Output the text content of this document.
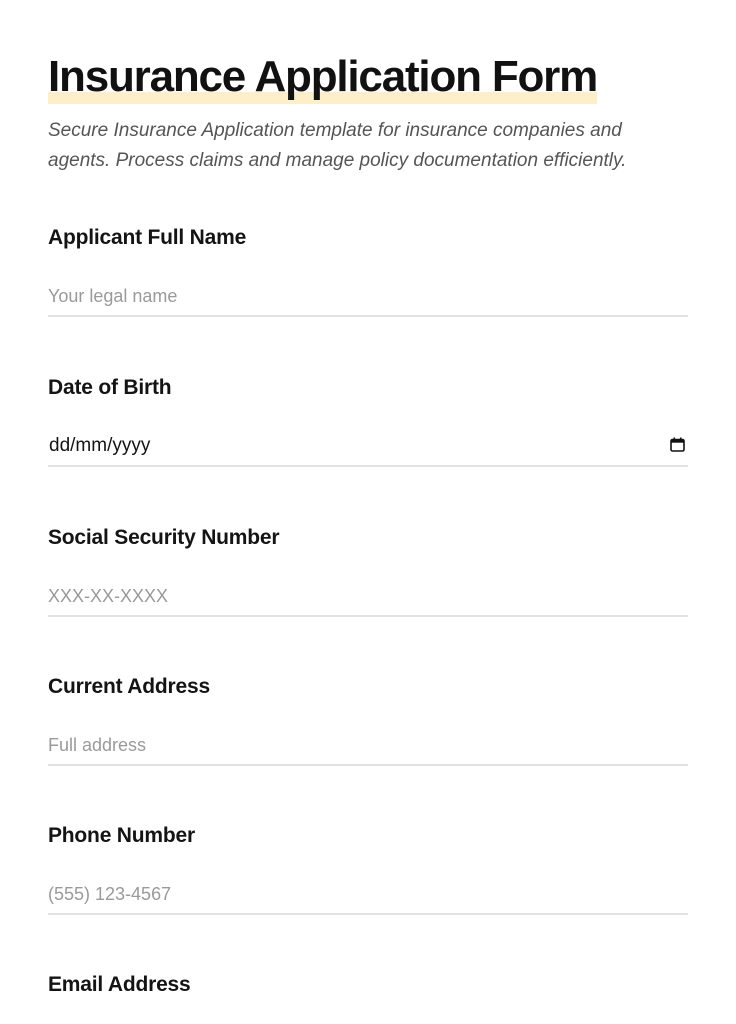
Insurance Application Form

Secure Insurance Application template for insurance companies and agents. Process claims and manage policy documentation efficiently.

Applicant Full Name
Your legal name
Date of Birth
dd/mm/yyyy
Social Security Number
XXX-XX-XXXX
Current Address
Full address
Phone Number
(555) 123-4567
Email Address
